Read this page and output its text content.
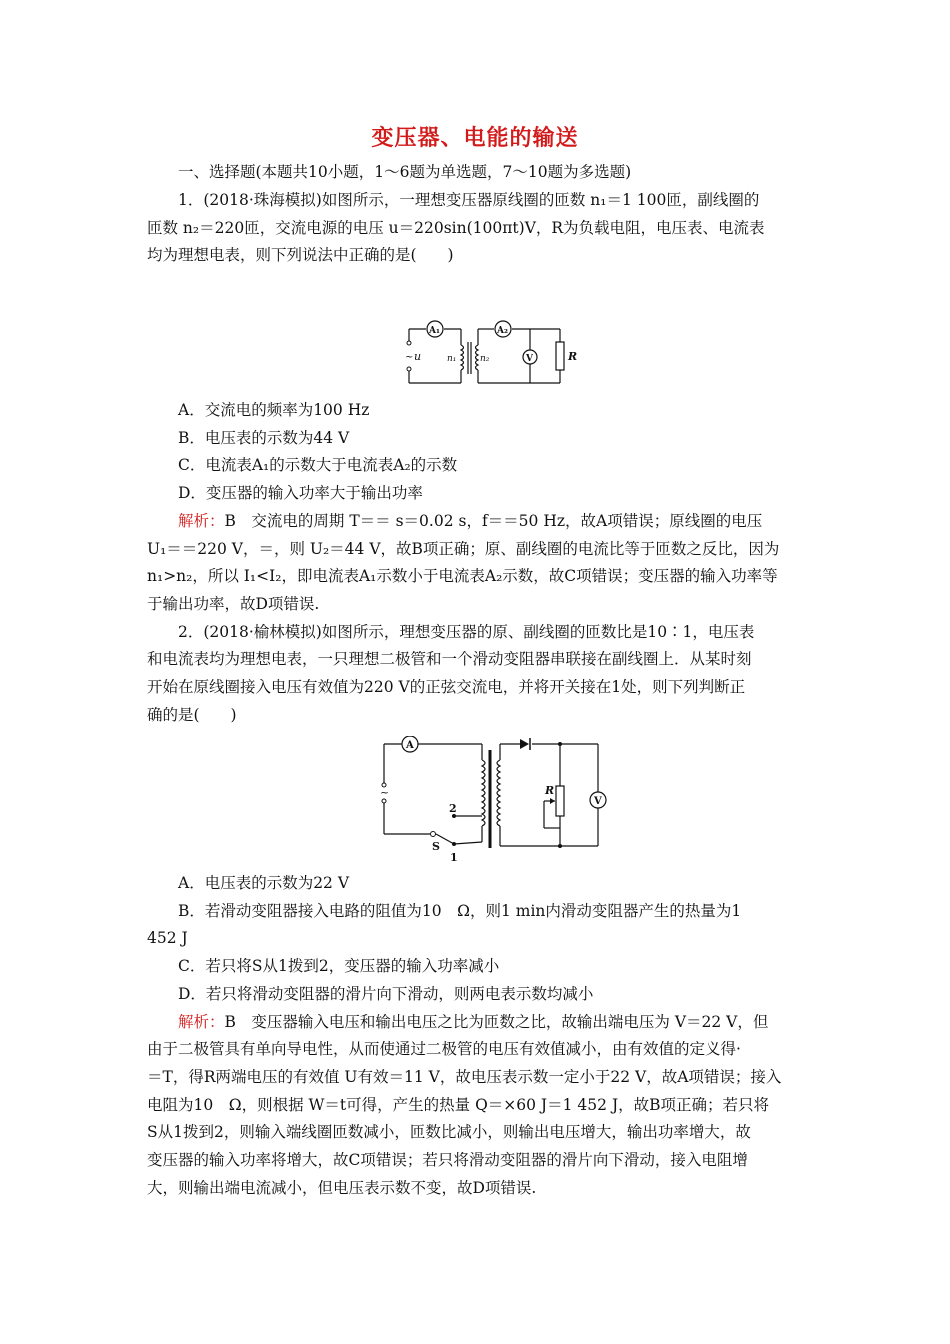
变压器、电能的输送
一、选择题(本题共10小题，1～6题为单选题，7～10题为多选题)
1．(2018·珠海模拟)如图所示，一理想变压器原线圈的匝数 n₁＝1 100匝，副线圈的
匝数 n₂＝220匝，交流电源的电压 u＝220sin(100πt)V，R为负载电阻，电压表、电流表
均为理想电表，则下列说法中正确的是(　　)
~ u
A₁	A₂
n₁	n₂	V	R
A．交流电的频率为100 Hz
B．电压表的示数为44 V
C．电流表A₁的示数大于电流表A₂的示数
D．变压器的输入功率大于输出功率
解析：B　交流电的周期 T＝＝ s＝0.02 s，f＝＝50 Hz，故A项错误；原线圈的电压
U₁＝＝220 V，＝，则 U₂＝44 V，故B项正确；原、副线圈的电流比等于匝数之反比，因为
n₁>n₂，所以 I₁<I₂，即电流表A₁示数小于电流表A₂示数，故C项错误；变压器的输入功率等
于输出功率，故D项错误.
2．(2018·榆林模拟)如图所示，理想变压器的原、副线圈的匝数比是10∶1，电压表
和电流表均为理想电表，一只理想二极管和一个滑动变阻器串联接在副线圈上．从某时刻
开始在原线圈接入电压有效值为220 V的正弦交流电，并将开关接在1处，则下列判断正
确的是(　　)
~
A
V
R
S
1
2
A．电压表的示数为22 V
B．若滑动变阻器接入电路的阻值为10　Ω，则1 min内滑动变阻器产生的热量为1
452 J
C．若只将S从1拨到2，变压器的输入功率减小
D．若只将滑动变阻器的滑片向下滑动，则两电表示数均减小
解析：B　变压器输入电压和输出电压之比为匝数之比，故输出端电压为 V＝22 V，但
由于二极管具有单向导电性，从而使通过二极管的电压有效值减小，由有效值的定义得·
＝T，得R两端电压的有效值 U有效＝11 V，故电压表示数一定小于22 V，故A项错误；接入
电阻为10　Ω，则根据 W＝t可得，产生的热量 Q＝×60 J＝1 452 J，故B项正确；若只将
S从1拨到2，则输入端线圈匝数减小，匝数比减小，则输出电压增大，输出功率增大，故
变压器的输入功率将增大，故C项错误；若只将滑动变阻器的滑片向下滑动，接入电阻增
大，则输出端电流减小，但电压表示数不变，故D项错误.
